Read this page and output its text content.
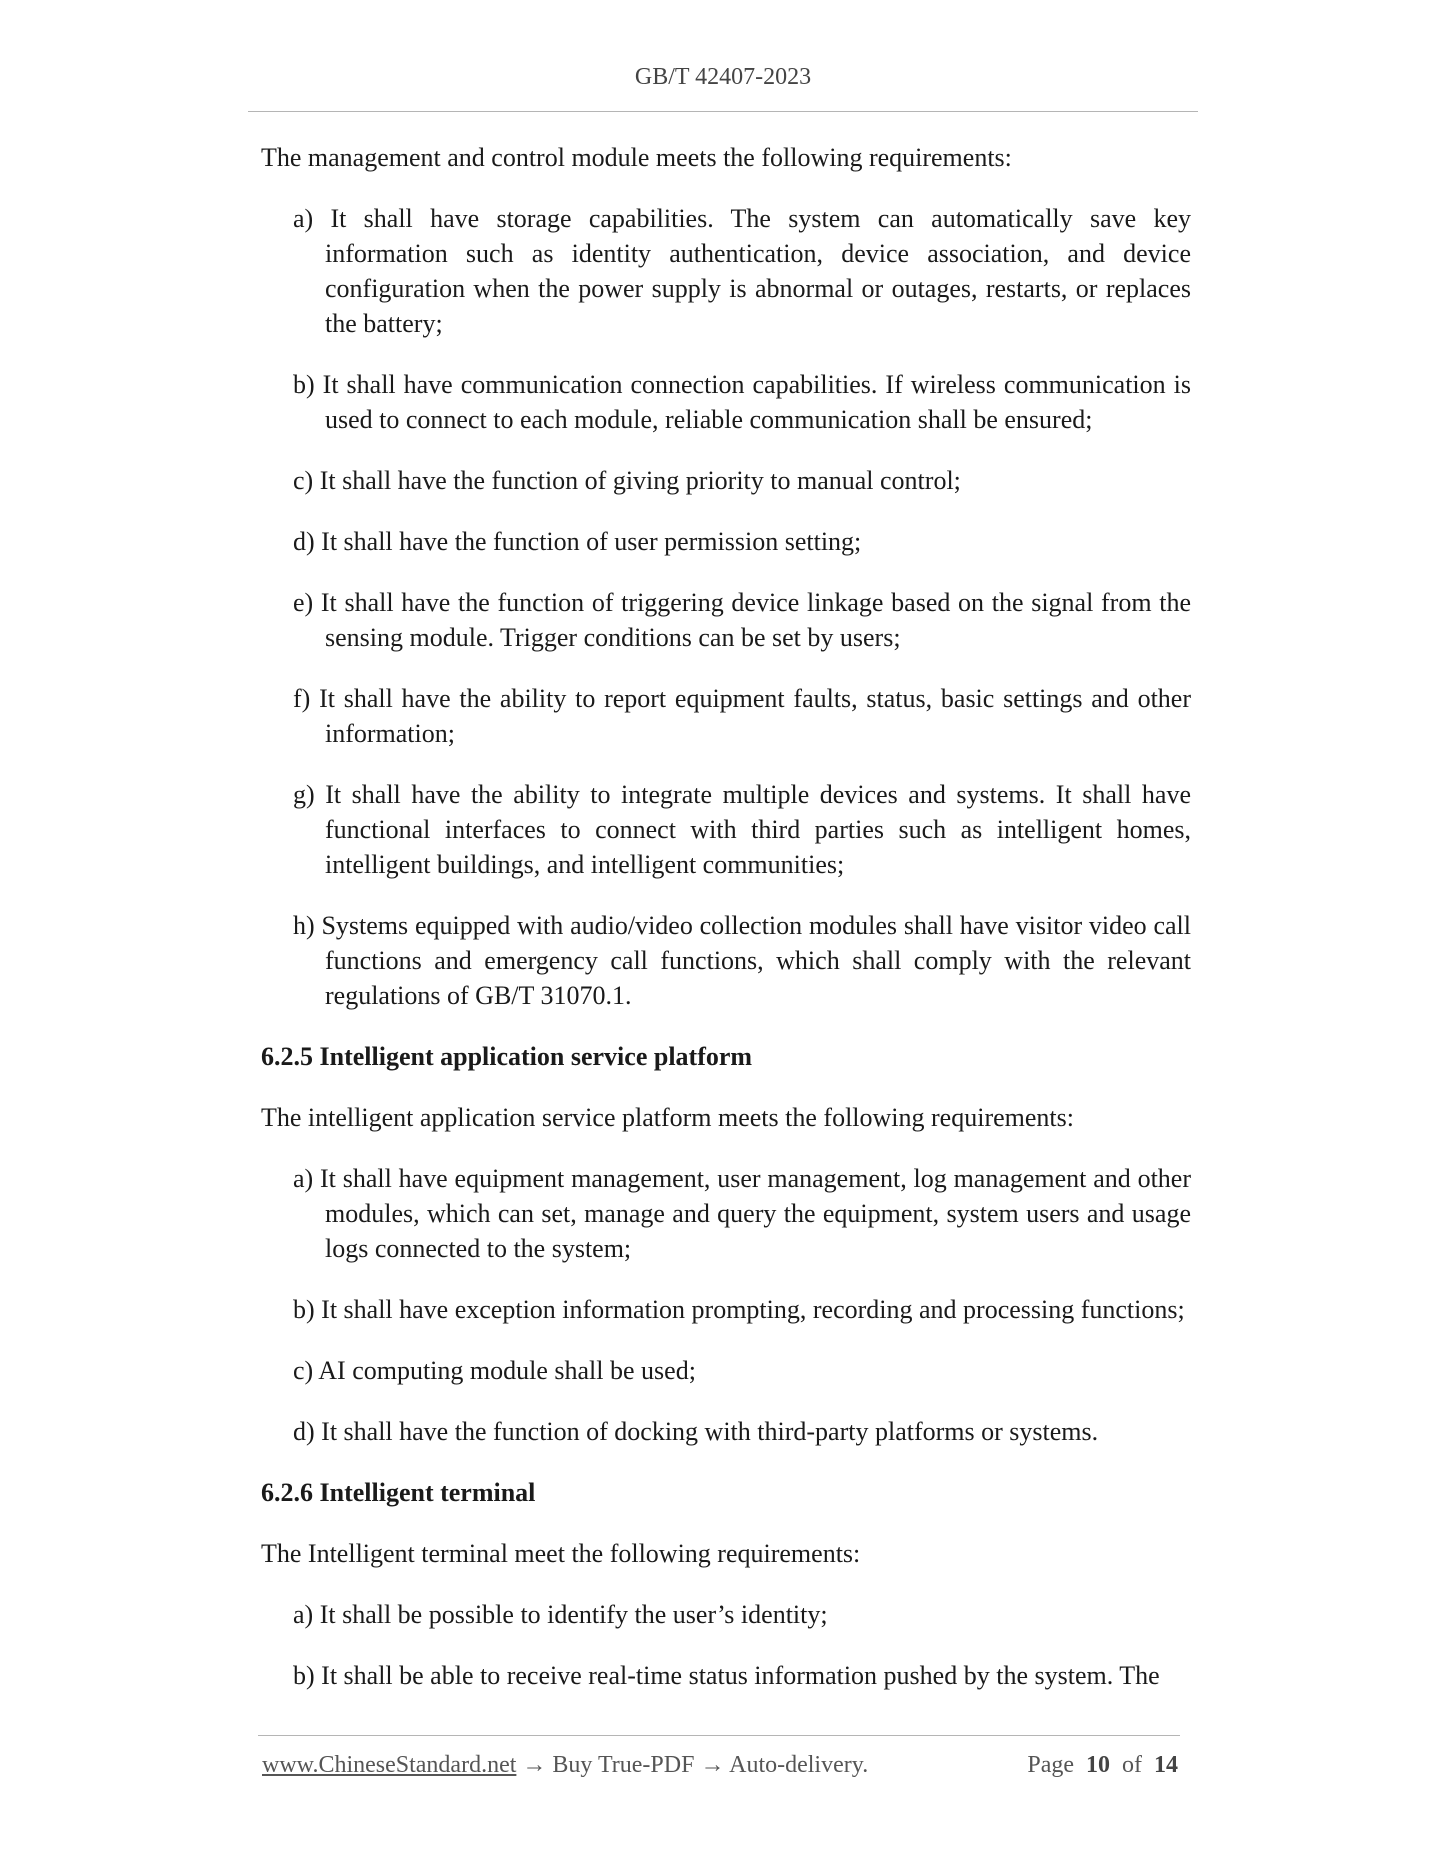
GB/T 42407-2023

The management and control module meets the following requirements:

a) It shall have storage capabilities. The system can automatically save key information such as identity authentication, device association, and device configuration when the power supply is abnormal or outages, restarts, or replaces the battery;
b) It shall have communication connection capabilities. If wireless communication is used to connect to each module, reliable communication shall be ensured;
c) It shall have the function of giving priority to manual control;
d) It shall have the function of user permission setting;
e) It shall have the function of triggering device linkage based on the signal from the sensing module. Trigger conditions can be set by users;
f) It shall have the ability to report equipment faults, status, basic settings and other information;
g) It shall have the ability to integrate multiple devices and systems. It shall have functional interfaces to connect with third parties such as intelligent homes, intelligent buildings, and intelligent communities;
h) Systems equipped with audio/video collection modules shall have visitor video call functions and emergency call functions, which shall comply with the relevant regulations of GB/T 31070.1.

6.2.5 Intelligent application service platform

The intelligent application service platform meets the following requirements:

a) It shall have equipment management, user management, log management and other modules, which can set, manage and query the equipment, system users and usage logs connected to the system;
b) It shall have exception information prompting, recording and processing functions;
c) AI computing module shall be used;
d) It shall have the function of docking with third-party platforms or systems.

6.2.6 Intelligent terminal

The Intelligent terminal meet the following requirements:

a) It shall be possible to identify the user’s identity;
b) It shall be able to receive real-time status information pushed by the system. The
www.ChineseStandard.net → Buy True-PDF → Auto-delivery.	Page 10 of 14
